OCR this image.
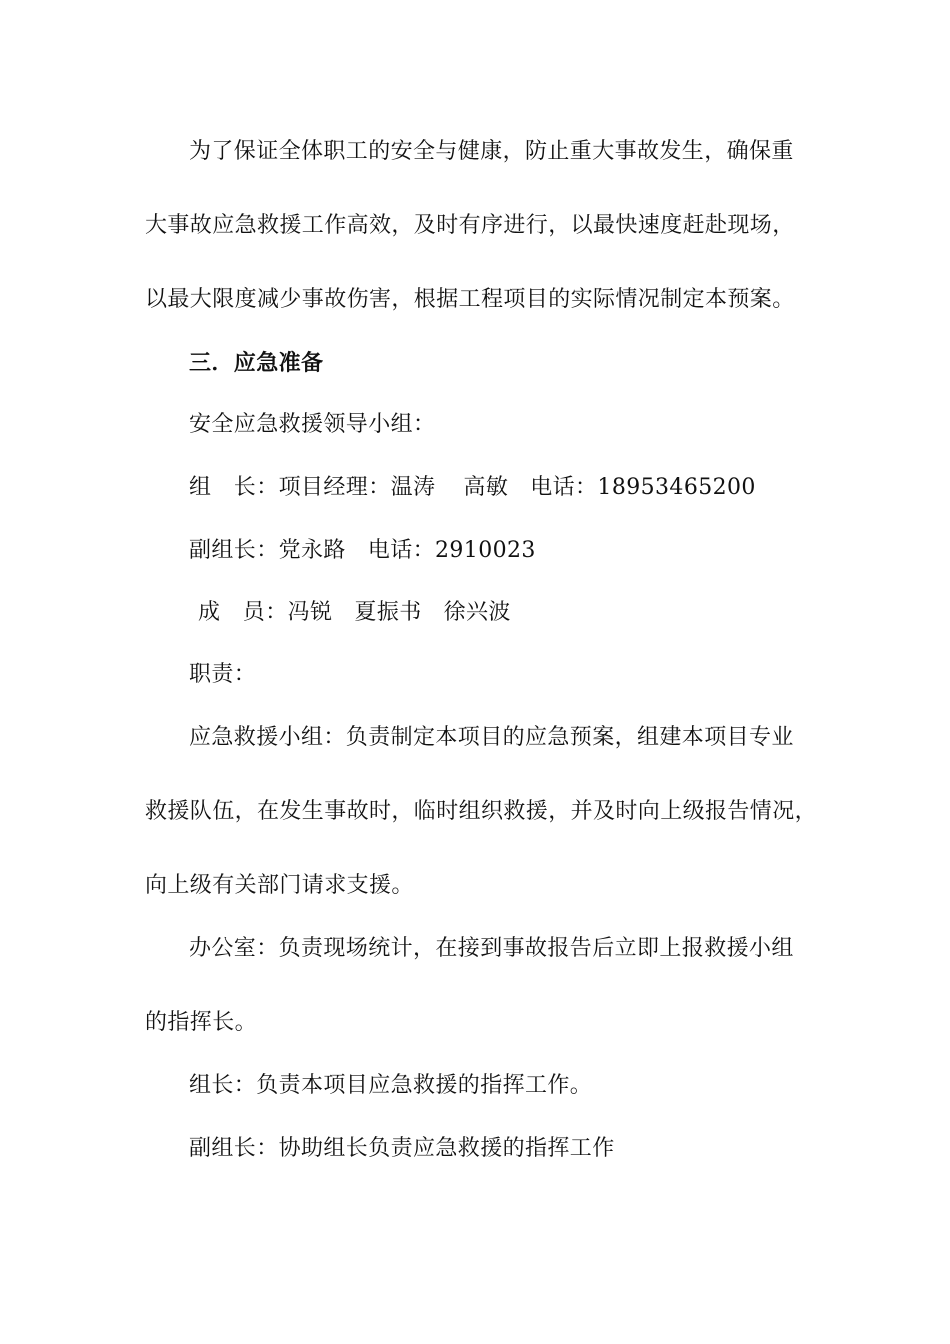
为了保证全体职工的安全与健康，防止重大事故发生，确保重
大事故应急救援工作高效，及时有序进行，以最快速度赶赴现场，
以最大限度减少事故伤害，根据工程项目的实际情况制定本预案。
三．应急准备
安全应急救援领导小组：
组　长：项目经理：温涛 高敏 电话：18953465200
副组长：党永路 电话：2910023
成　员：冯锐 夏振书 徐兴波
职责：
应急救援小组：负责制定本项目的应急预案，组建本项目专业
救援队伍，在发生事故时，临时组织救援，并及时向上级报告情况，
向上级有关部门请求支援。
办公室：负责现场统计，在接到事故报告后立即上报救援小组
的指挥长。
组长：负责本项目应急救援的指挥工作。
副组长：协助组长负责应急救援的指挥工作
